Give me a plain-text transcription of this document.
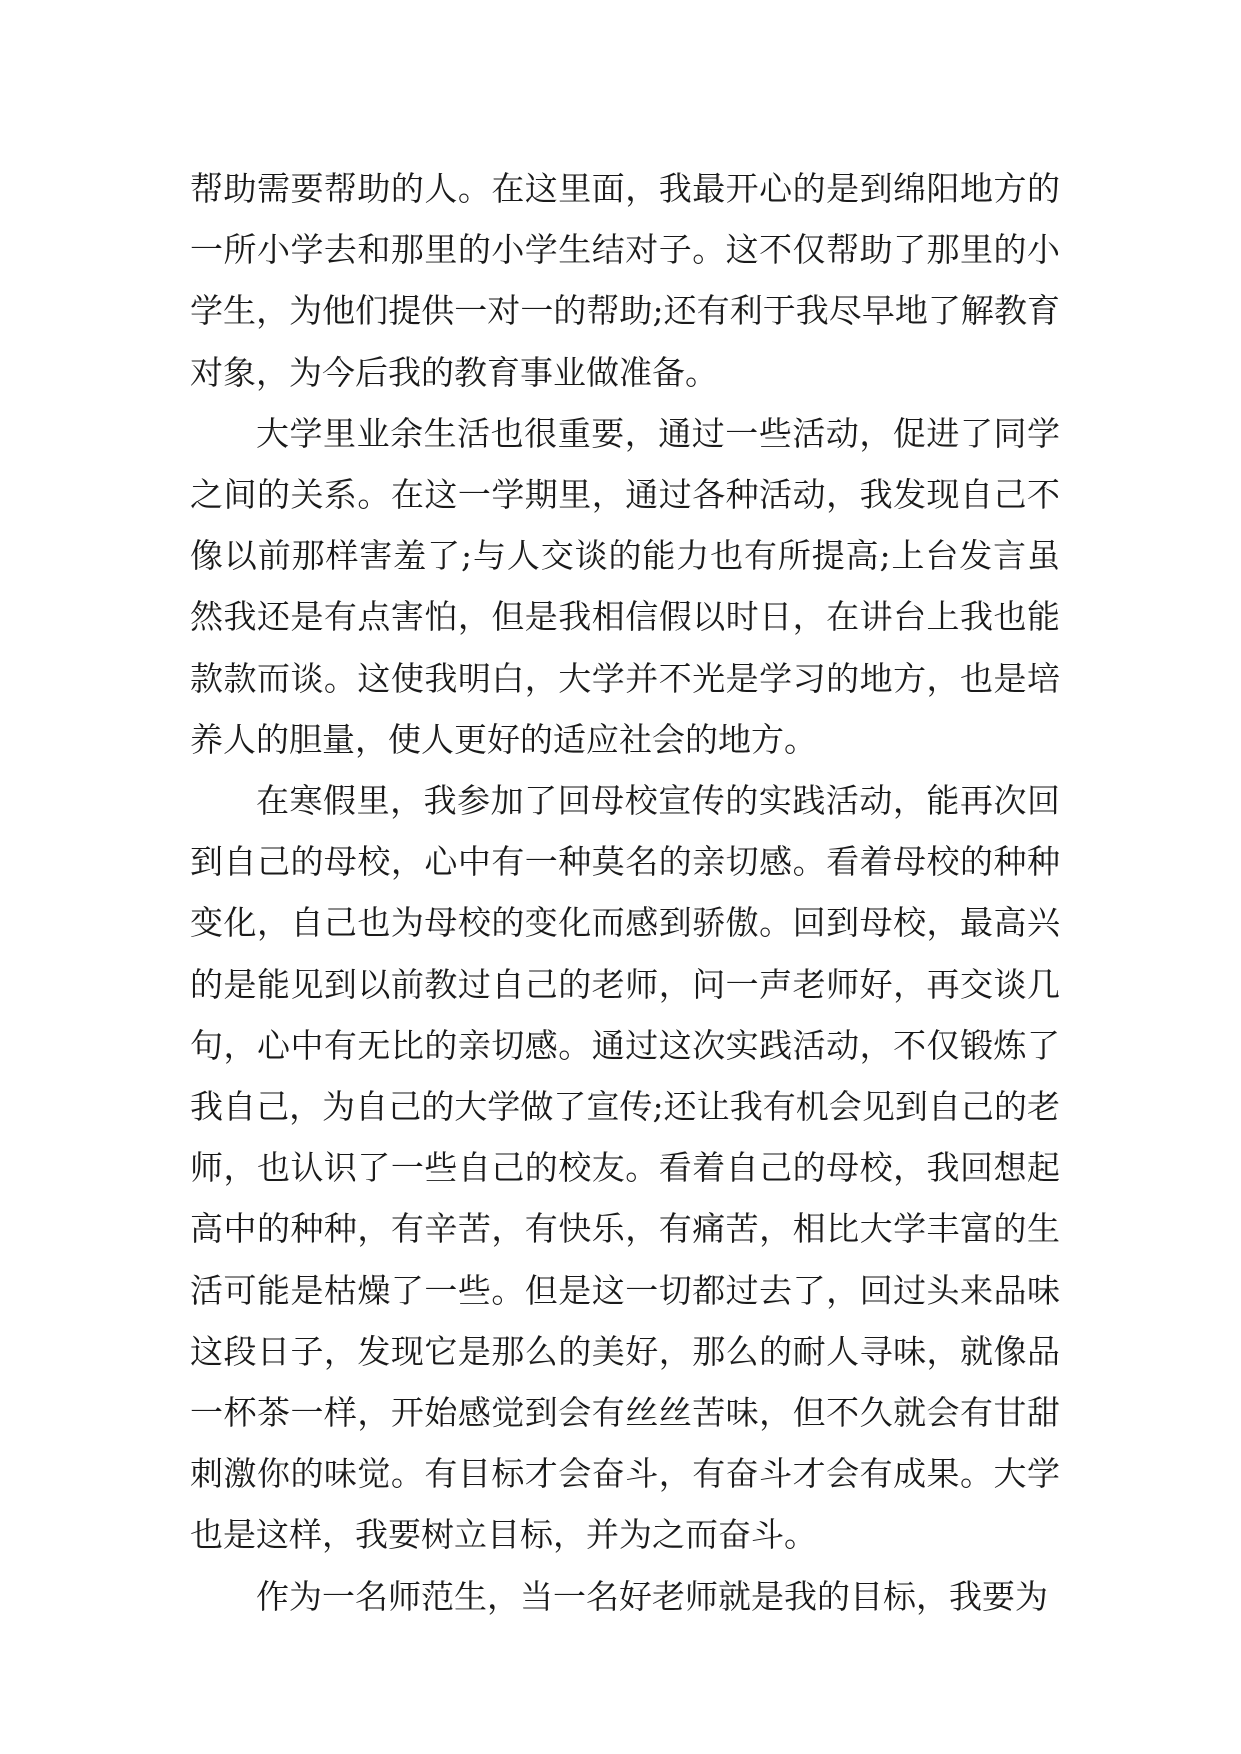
帮助需要帮助的人。在这里面，我最开心的是到绵阳地方的一所小学去和那里的小学生结对子。这不仅帮助了那里的小学生，为他们提供一对一的帮助;还有利于我尽早地了解教育对象，为今后我的教育事业做准备。

大学里业余生活也很重要，通过一些活动，促进了同学之间的关系。在这一学期里，通过各种活动，我发现自己不像以前那样害羞了;与人交谈的能力也有所提高;上台发言虽然我还是有点害怕，但是我相信假以时日，在讲台上我也能款款而谈。这使我明白，大学并不光是学习的地方，也是培养人的胆量，使人更好的适应社会的地方。

在寒假里，我参加了回母校宣传的实践活动，能再次回到自己的母校，心中有一种莫名的亲切感。看着母校的种种变化，自己也为母校的变化而感到骄傲。回到母校，最高兴的是能见到以前教过自己的老师，问一声老师好，再交谈几句，心中有无比的亲切感。通过这次实践活动，不仅锻炼了我自己，为自己的大学做了宣传;还让我有机会见到自己的老师，也认识了一些自己的校友。看着自己的母校，我回想起高中的种种，有辛苦，有快乐，有痛苦，相比大学丰富的生活可能是枯燥了一些。但是这一切都过去了，回过头来品味这段日子，发现它是那么的美好，那么的耐人寻味，就像品一杯茶一样，开始感觉到会有丝丝苦味，但不久就会有甘甜刺激你的味觉。有目标才会奋斗，有奋斗才会有成果。大学也是这样，我要树立目标，并为之而奋斗。

作为一名师范生，当一名好老师就是我的目标，我要为
